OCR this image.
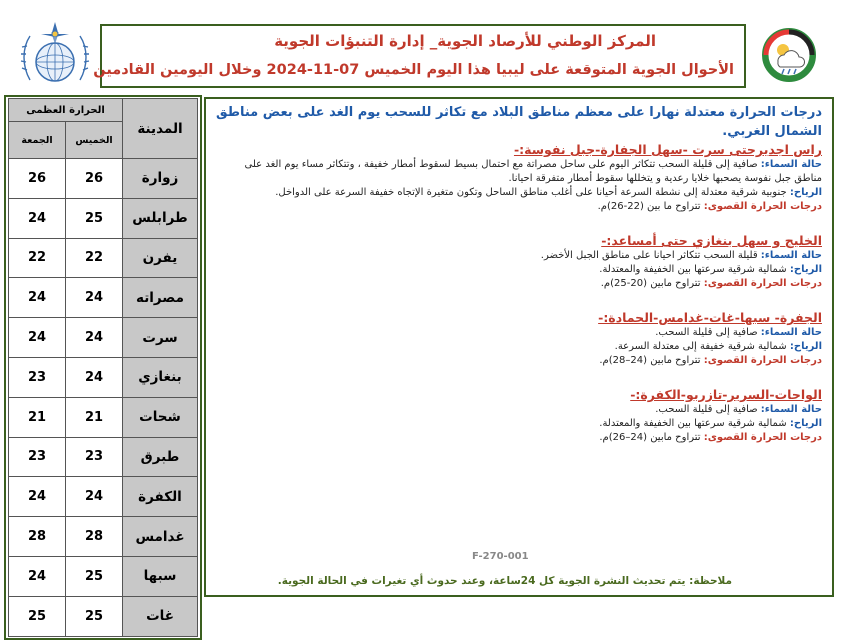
المركز الوطني للأرصاد الجوية_ إدارة التنبؤات الجوية
الأحوال الجوية المتوقعة على ليبيا هذا اليوم الخميس 07-11-2024 وخلال اليومين القادمين
الحرارة العظمى		المدينة
الجمعة	الخميس	
26	26	زوارة
24	25	طرابلس
22	22	يفرن
24	24	مصراته
24	24	سرت
23	24	بنغازي
21	21	شحات
23	23	طبرق
24	24	الكفرة
28	28	غدامس
24	25	سبها
25	25	غات
درجات الحرارة معتدلة نهارا على معظم مناطق البلاد مع تكاثر للسحب يوم الغد على بعض مناطق الشمال الغربي.
راس اجديرحتى سرت -سهل الجفارة-جبل نفوسة:-
حالة السماء: صافية إلى قليلة السحب تتكاثر اليوم على ساحل مصراتة مع احتمال بسيط لسقوط أمطار خفيفة ، وتتكاثر مساء يوم الغد على مناطق جبل نفوسة يصحبها خلايا رعدية و يتخللها سقوط أمطار متفرقة احيانا.
الرياح: جنوبية شرقية معتدلة إلى نشطة السرعة أحيانا على أغلب مناطق الساحل وتكون متغيرة الإتجاه خفيفة السرعة على الدواخل.
درجات الحرارة القصوى: تتراوح ما بين (22-26)م.
الخليج و سهل بنغازي حتى أمساعد:-
حالة السماء: قليلة السحب تتكاثر احيانا على مناطق الجبل الأخضر.
الرياح: شمالية شرقية سرعتها بين الخفيفة والمعتدلة.
درجات الحرارة القصوى: تتراوح مابين (20-25)م.
الجفرة- سبها-غات-غدامس-الحمادة:-
حالة السماء: صافية إلى قليلة السحب.
الرياح: شمالية شرقية خفيفة إلى معتدلة السرعة.
درجات الحرارة القصوى: تتراوح مابين (24–28)م.
الواحات-السرير-تازربو-الكفرة:-
حالة السماء: صافية إلى قليلة السحب.
الرياح: شمالية شرقية سرعتها بين الخفيفة والمعتدلة.
درجات الحرارة القصوى: تتراوح مابين (24–26)م.
F-270-001
ملاحظة: يتم تحديث النشرة الجوية كل 24ساعة، وعند حدوث أي تغيرات في الحالة الجوية.
